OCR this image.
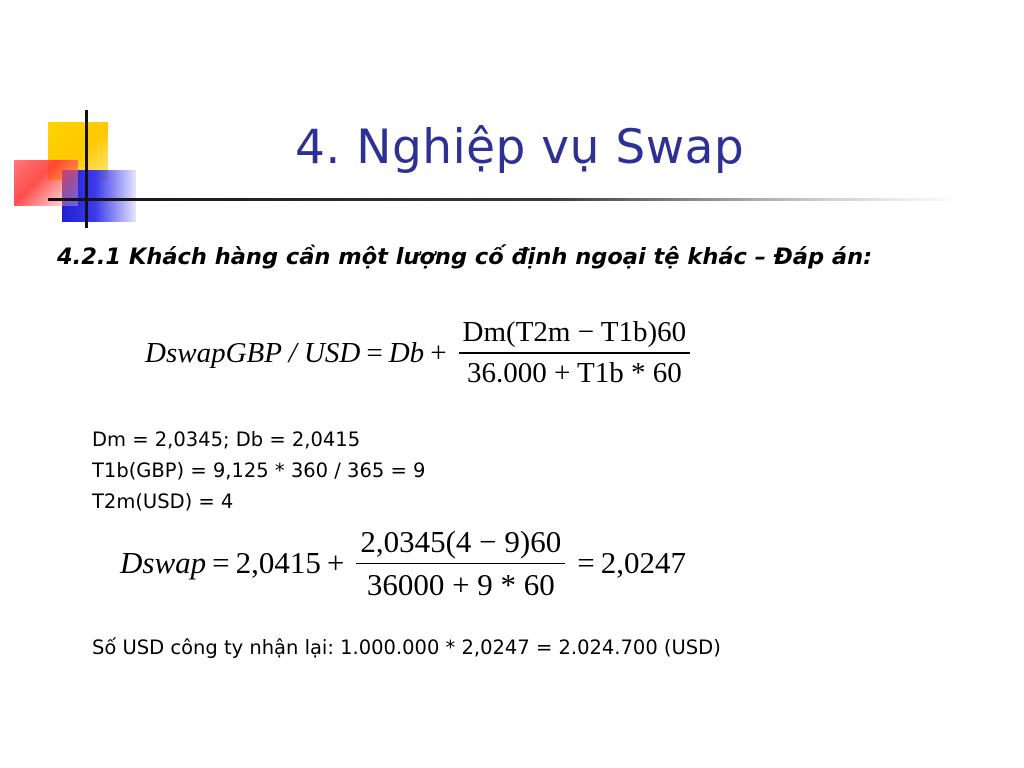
4. Nghiệp vụ Swap
4.2.1 Khách hàng cần một lượng cố định ngoại tệ khác – Đáp án:
DswapGBP / USD = $Db + \frac{Dm(T2m - T1b)60}{36.000 + T1b * 60}$
Dm = 2,0345; Db = 2,0415
T1b(GBP) = 9,125 * 360 / 365 = 9
T2m(USD) = 4
Dswap = $2,0415 + \frac{2,0345(4 - 9)60}{36000 + 9 * 60} = 2,0247$
Số USD công ty nhận lại: 1.000.000 * 2,0247 = 2.024.700 (USD)
